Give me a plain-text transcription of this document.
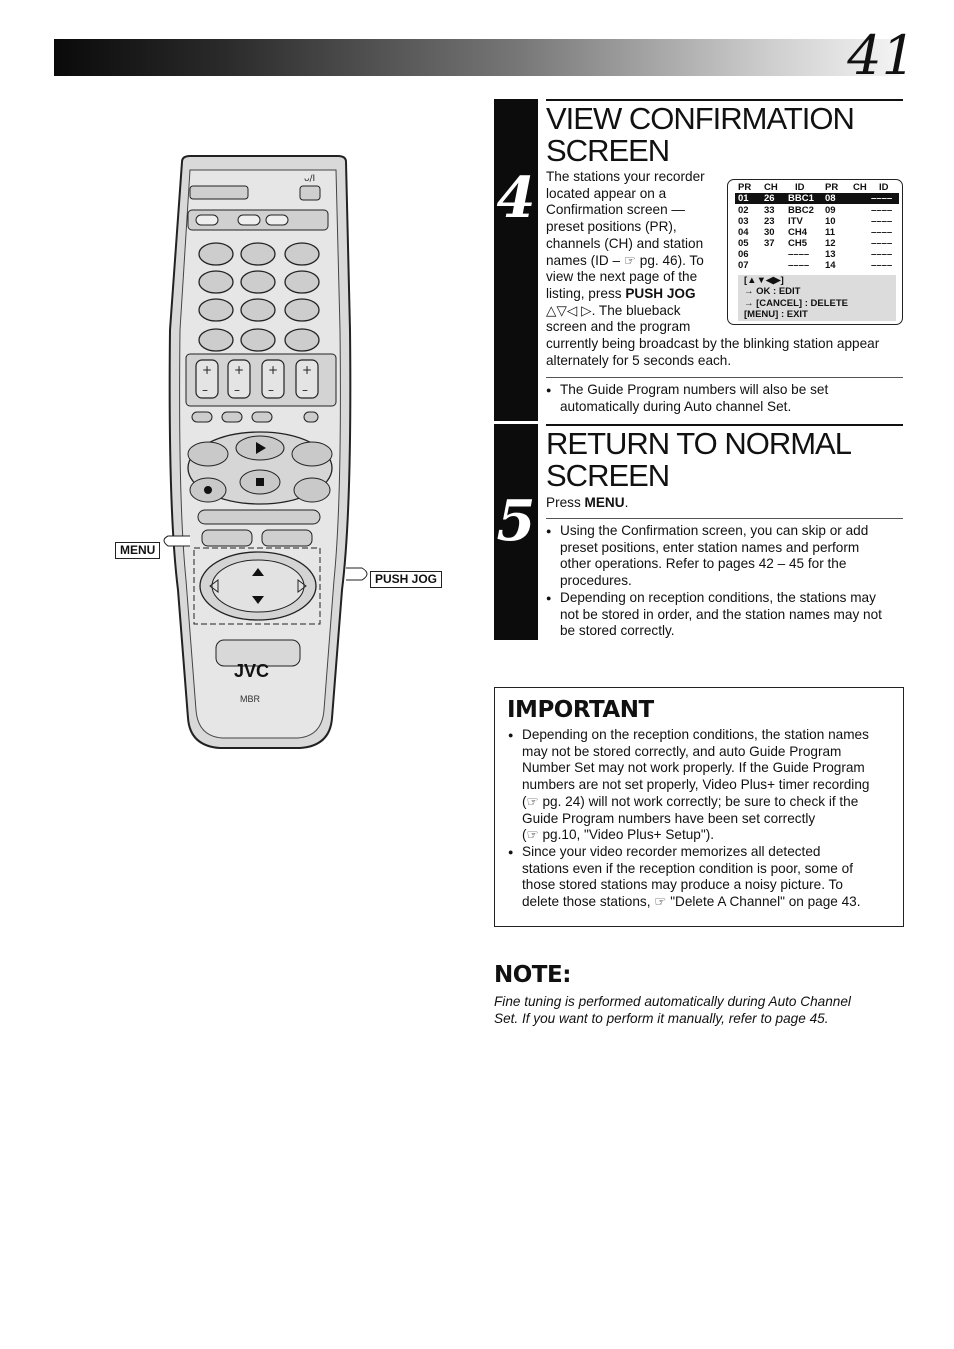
41
ᴗ/I
+ + + +
– – – –
JVC
MBR
MENU
PUSH JOG
4
VIEW CONFIRMATION
SCREEN
The stations your recorder
located appear on a
Confirmation screen —
preset positions (PR),
channels (CH) and station
names (ID – ☞ pg. 46). To
view the next page of the
listing, press PUSH JOG
△▽◁ ▷. The blueback
screen and the program
currently being broadcast by the blinking station appear
alternately for 5 seconds each.
PR CH ID PR CH ID
01 26 BBC1 08	––––
02 33 BBC2 09	––––
03 23 ITV 10	––––
04 30 CH4 11	––––
05 37 CH5 12	––––
06	–––– 13	––––
07	–––– 14	––––
[▲▼◀▶]
→ OK : EDIT
→ [CANCEL] : DELETE
[MENU] : EXIT
● The Guide Program numbers will also be set
automatically during Auto channel Set.
5
RETURN TO NORMAL
SCREEN
Press MENU.
● Using the Confirmation screen, you can skip or add
preset positions, enter station names and perform
other operations. Refer to pages 42 – 45 for the
procedures.
● Depending on reception conditions, the stations may
not be stored in order, and the station names may not
be stored correctly.
IMPORTANT
● Depending on the reception conditions, the station names
may not be stored correctly, and auto Guide Program
Number Set may not work properly. If the Guide Program
numbers are not set properly, Video Plus+ timer recording
(☞ pg. 24) will not work correctly; be sure to check if the
Guide Program numbers have been set correctly
(☞ pg.10, "Video Plus+ Setup").
● Since your video recorder memorizes all detected
stations even if the reception condition is poor, some of
those stored stations may produce a noisy picture. To
delete those stations, ☞ "Delete A Channel" on page 43.
NOTE:
Fine tuning is performed automatically during Auto Channel
Set. If you want to perform it manually, refer to page 45.
